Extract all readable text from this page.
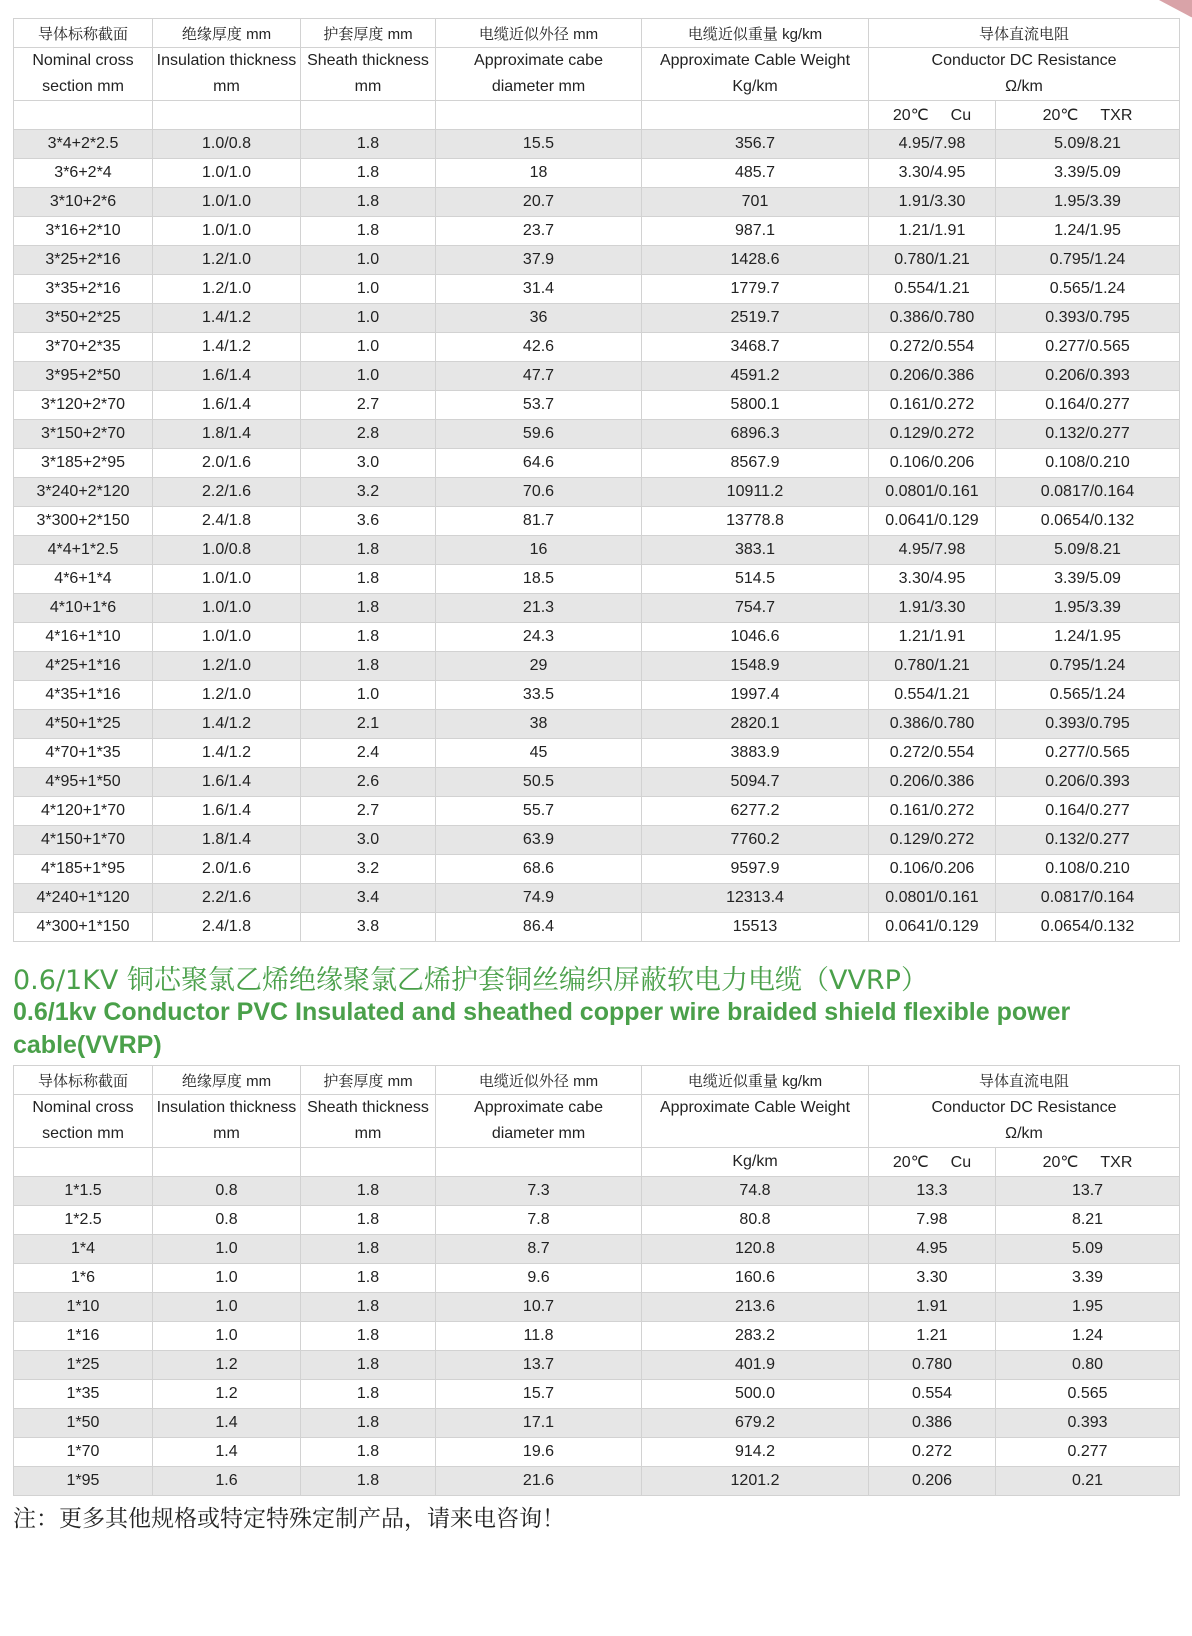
导体标称截面	绝缘厚度 mm	护套厚度 mm	电缆近似外径 mm	电缆近似重量 kg/km	导体直流电阻	
Nominal cross	Insulation thickness	Sheath thickness	Approximate cabe	Approximate Cable Weight	Conductor DC Resistance	
section mm	mm	mm	diameter mm	Kg/km	Ω/km	
					20℃ Cu	20℃ TXR
3*4+2*2.5	1.0/0.8	1.8	15.5	356.7	4.95/7.98	5.09/8.21
3*6+2*4	1.0/1.0	1.8	18	485.7	3.30/4.95	3.39/5.09
3*10+2*6	1.0/1.0	1.8	20.7	701	1.91/3.30	1.95/3.39
3*16+2*10	1.0/1.0	1.8	23.7	987.1	1.21/1.91	1.24/1.95
3*25+2*16	1.2/1.0	1.0	37.9	1428.6	0.780/1.21	0.795/1.24
3*35+2*16	1.2/1.0	1.0	31.4	1779.7	0.554/1.21	0.565/1.24
3*50+2*25	1.4/1.2	1.0	36	2519.7	0.386/0.780	0.393/0.795
3*70+2*35	1.4/1.2	1.0	42.6	3468.7	0.272/0.554	0.277/0.565
3*95+2*50	1.6/1.4	1.0	47.7	4591.2	0.206/0.386	0.206/0.393
3*120+2*70	1.6/1.4	2.7	53.7	5800.1	0.161/0.272	0.164/0.277
3*150+2*70	1.8/1.4	2.8	59.6	6896.3	0.129/0.272	0.132/0.277
3*185+2*95	2.0/1.6	3.0	64.6	8567.9	0.106/0.206	0.108/0.210
3*240+2*120	2.2/1.6	3.2	70.6	10911.2	0.0801/0.161	0.0817/0.164
3*300+2*150	2.4/1.8	3.6	81.7	13778.8	0.0641/0.129	0.0654/0.132
4*4+1*2.5	1.0/0.8	1.8	16	383.1	4.95/7.98	5.09/8.21
4*6+1*4	1.0/1.0	1.8	18.5	514.5	3.30/4.95	3.39/5.09
4*10+1*6	1.0/1.0	1.8	21.3	754.7	1.91/3.30	1.95/3.39
4*16+1*10	1.0/1.0	1.8	24.3	1046.6	1.21/1.91	1.24/1.95
4*25+1*16	1.2/1.0	1.8	29	1548.9	0.780/1.21	0.795/1.24
4*35+1*16	1.2/1.0	1.0	33.5	1997.4	0.554/1.21	0.565/1.24
4*50+1*25	1.4/1.2	2.1	38	2820.1	0.386/0.780	0.393/0.795
4*70+1*35	1.4/1.2	2.4	45	3883.9	0.272/0.554	0.277/0.565
4*95+1*50	1.6/1.4	2.6	50.5	5094.7	0.206/0.386	0.206/0.393
4*120+1*70	1.6/1.4	2.7	55.7	6277.2	0.161/0.272	0.164/0.277
4*150+1*70	1.8/1.4	3.0	63.9	7760.2	0.129/0.272	0.132/0.277
4*185+1*95	2.0/1.6	3.2	68.6	9597.9	0.106/0.206	0.108/0.210
4*240+1*120	2.2/1.6	3.4	74.9	12313.4	0.0801/0.161	0.0817/0.164
4*300+1*150	2.4/1.8	3.8	86.4	15513	0.0641/0.129	0.0654/0.132
0.6/1KV 铜芯聚氯乙烯绝缘聚氯乙烯护套铜丝编织屏蔽软电力电缆（VVRP）
0.6/1kv Conductor PVC Insulated and sheathed copper wire braided shield flexible power cable(VVRP)
导体标称截面	绝缘厚度 mm	护套厚度 mm	电缆近似外径 mm	电缆近似重量 kg/km	导体直流电阻	
Nominal cross	Insulation thickness	Sheath thickness	Approximate cabe	Approximate Cable Weight	Conductor DC Resistance	
section mm	mm	mm	diameter mm		Ω/km	
				Kg/km	20℃ Cu	20℃ TXR
1*1.5	0.8	1.8	7.3	74.8	13.3	13.7
1*2.5	0.8	1.8	7.8	80.8	7.98	8.21
1*4	1.0	1.8	8.7	120.8	4.95	5.09
1*6	1.0	1.8	9.6	160.6	3.30	3.39
1*10	1.0	1.8	10.7	213.6	1.91	1.95
1*16	1.0	1.8	11.8	283.2	1.21	1.24
1*25	1.2	1.8	13.7	401.9	0.780	0.80
1*35	1.2	1.8	15.7	500.0	0.554	0.565
1*50	1.4	1.8	17.1	679.2	0.386	0.393
1*70	1.4	1.8	19.6	914.2	0.272	0.277
1*95	1.6	1.8	21.6	1201.2	0.206	0.21

注：更多其他规格或特定特殊定制产品，请来电咨询！
